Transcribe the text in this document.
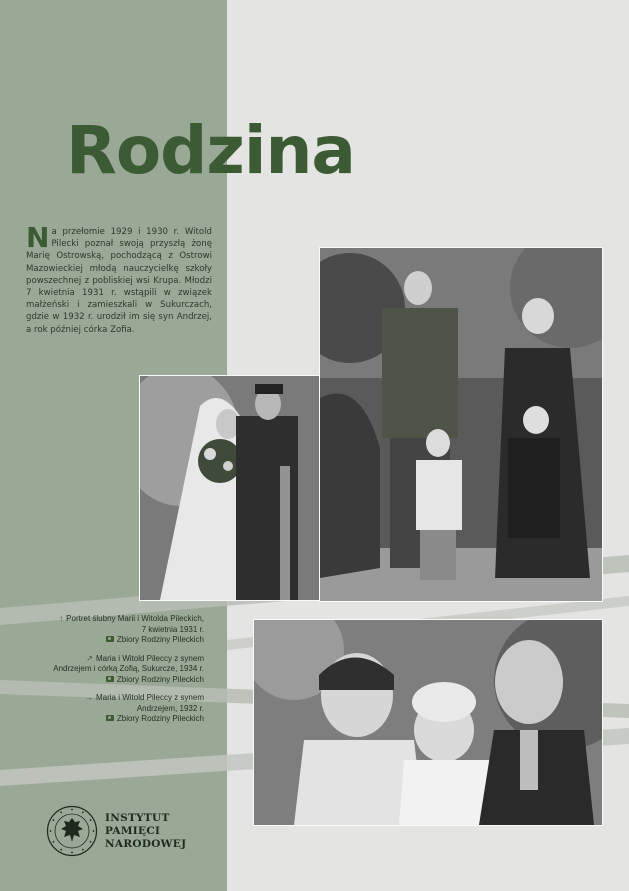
Rodzina
Na przełomie 1929 i 1930 r. Witold Pilecki poznał swoją przyszłą żonę Marię Ostrowską, pochodzącą z Ostrowi Mazowieckiej młodą nauczycielkę szkoły powszechnej z pobliskiej wsi Krupa. Młodzi 7 kwietnia 1931 r. wstąpili w związek małżeński i zamieszkali w Sukurczach, gdzie w 1932 r. urodził im się syn Andrzej, a rok później córka Zofia.
↑ Portret ślubny Marii i Witolda Pileckich,
7 kwietnia 1931 r.
Zbiory Rodziny Pileckich
↗ Maria i Witold Pileccy z synem
Andrzejem i córką Zofią, Sukurcze, 1934 r.
Zbiory Rodziny Pileckich
→ Maria i Witold Pileccy z synem
Andrzejem, 1932 r.
Zbiory Rodziny Pileckich
INSTYTUT
PAMIĘCI
NARODOWEJ
